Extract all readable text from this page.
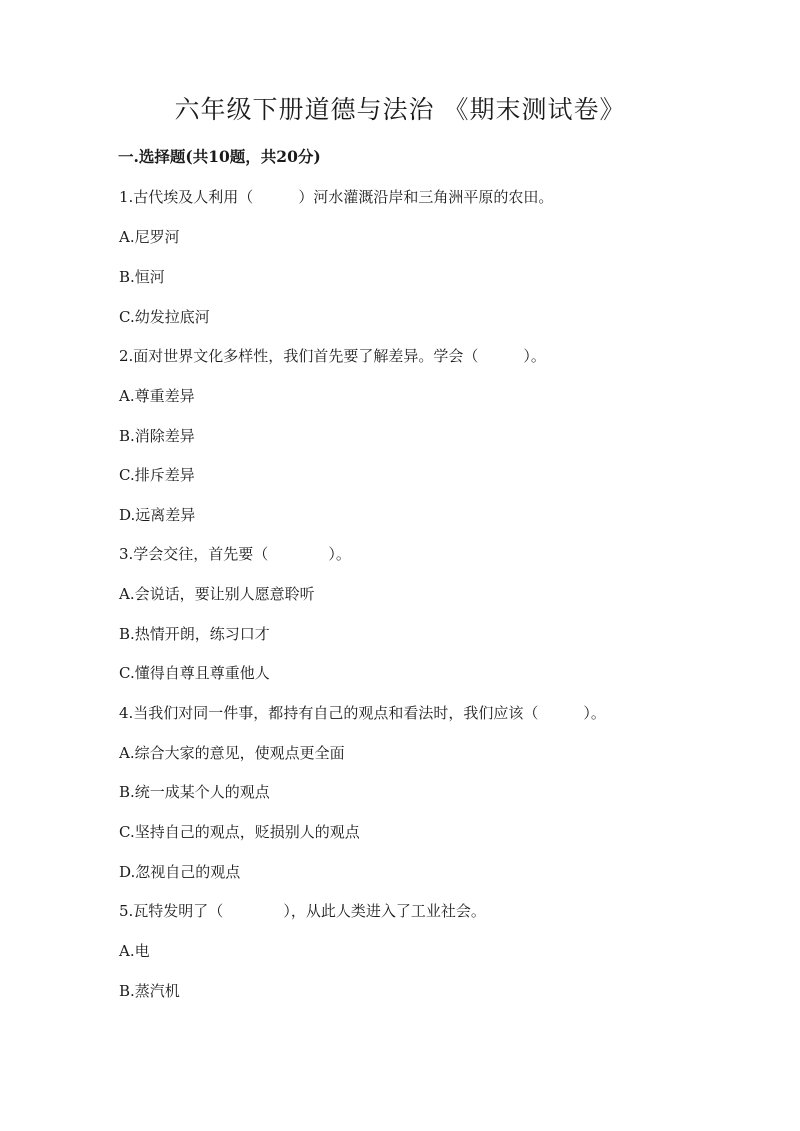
六年级下册道德与法治 《期末测试卷》
一.选择题(共10题，共20分)
1.古代埃及人利用（　　　）河水灌溉沿岸和三角洲平原的农田。
A.尼罗河
B.恒河
C.幼发拉底河
2.面对世界文化多样性，我们首先要了解差异。学会（　　　）。
A.尊重差异
B.消除差异
C.排斥差异
D.远离差异
3.学会交往，首先要（　　　　）。
A.会说话，要让别人愿意聆听
B.热情开朗，练习口才
C.懂得自尊且尊重他人
4.当我们对同一件事，都持有自己的观点和看法时，我们应该（　　　）。
A.综合大家的意见，使观点更全面
B.统一成某个人的观点
C.坚持自己的观点，贬损别人的观点
D.忽视自己的观点
5.瓦特发明了（　　　　），从此人类进入了工业社会。
A.电
B.蒸汽机
